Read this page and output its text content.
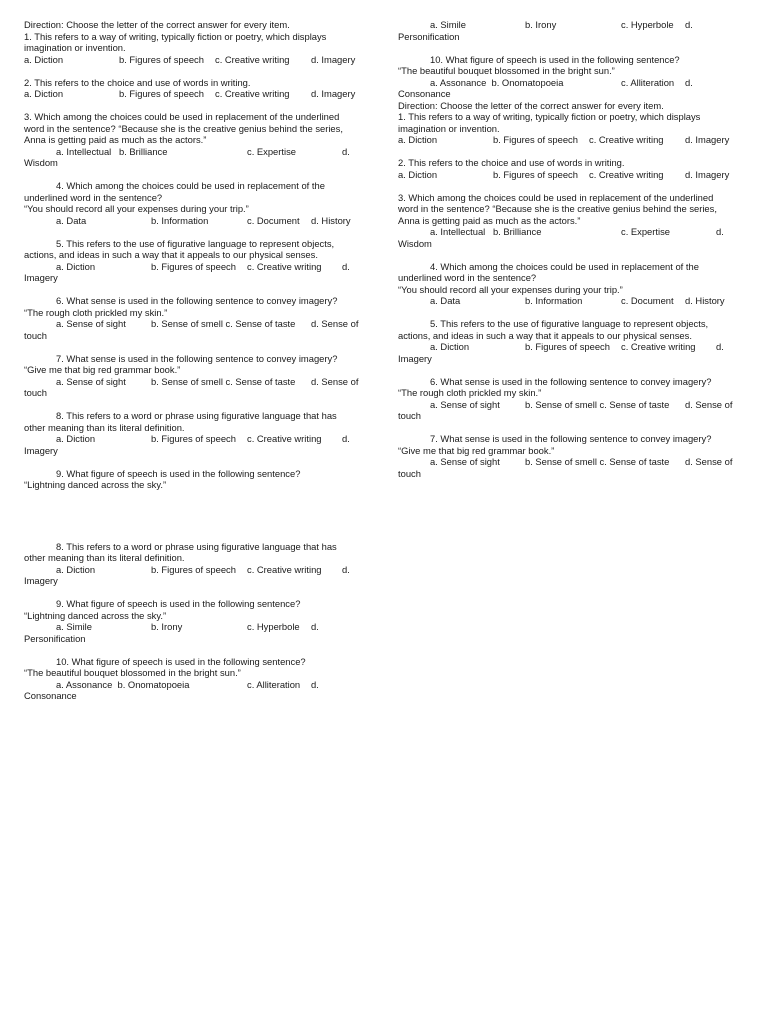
Direction: Choose the letter of the correct answer for every item.
1. This refers to a way of writing, typically fiction or poetry, which displays
imagination or invention.
a. Diction	b. Figures of speech c. Creative writing d. Imagery
2. This refers to the choice and use of words in writing.
a. Diction	b. Figures of speech c. Creative writing d. Imagery
3. Which among the choices could be used in replacement of the underlined
word in the sentence? “Because she is the creative genius behind the series,
Anna is getting paid as much as the actors.”
a. Intellectual b. Brilliance	c. Expertise	d.
Wisdom
4. Which among the choices could be used in replacement of the
underlined word in the sentence?
“You should record all your expenses during your trip.”
a. Data	b. Information	c. Document d. History
5. This refers to the use of figurative language to represent objects,
actions, and ideas in such a way that it appeals to our physical senses.
a. Diction	b. Figures of speech c. Creative writing d.
Imagery
6. What sense is used in the following sentence to convey imagery?
“The rough cloth prickled my skin.”
a. Sense of sight	b. Sense of smell c. Sense of taste d. Sense of
touch
7. What sense is used in the following sentence to convey imagery?
“Give me that big red grammar book.”
a. Sense of sight	b. Sense of smell c. Sense of taste d. Sense of
touch
8. This refers to a word or phrase using figurative language that has
other meaning than its literal definition.
a. Diction	b. Figures of speech c. Creative writing d.
Imagery
9. What figure of speech is used in the following sentence?
“Lightning danced across the sky.”
8. This refers to a word or phrase using figurative language that has
other meaning than its literal definition.
a. Diction	b. Figures of speech c. Creative writing d.
Imagery
9. What figure of speech is used in the following sentence?
“Lightning danced across the sky.”
a. Simile	b. Irony	c. Hyperbole d.
Personification
10. What figure of speech is used in the following sentence?
“The beautiful bouquet blossomed in the bright sun.”
a. Assonance  b. Onomatopoeia	c. Alliteration d.
Consonance
a. Simile	b. Irony	c. Hyperbole d.
Personification
10. What figure of speech is used in the following sentence?
“The beautiful bouquet blossomed in the bright sun.”
a. Assonance  b. Onomatopoeia	c. Alliteration d.
Consonance
Direction: Choose the letter of the correct answer for every item.
1. This refers to a way of writing, typically fiction or poetry, which displays
imagination or invention.
a. Diction	b. Figures of speech c. Creative writing d. Imagery
2. This refers to the choice and use of words in writing.
a. Diction	b. Figures of speech c. Creative writing d. Imagery
3. Which among the choices could be used in replacement of the underlined
word in the sentence? “Because she is the creative genius behind the series,
Anna is getting paid as much as the actors.”
a. Intellectual b. Brilliance	c. Expertise	d.
Wisdom
4. Which among the choices could be used in replacement of the
underlined word in the sentence?
“You should record all your expenses during your trip.”
a. Data	b. Information	c. Document d. History
5. This refers to the use of figurative language to represent objects,
actions, and ideas in such a way that it appeals to our physical senses.
a. Diction	b. Figures of speech c. Creative writing d.
Imagery
6. What sense is used in the following sentence to convey imagery?
“The rough cloth prickled my skin.”
a. Sense of sight	b. Sense of smell c. Sense of taste d. Sense of
touch
7. What sense is used in the following sentence to convey imagery?
“Give me that big red grammar book.”
a. Sense of sight	b. Sense of smell c. Sense of taste d. Sense of
touch
